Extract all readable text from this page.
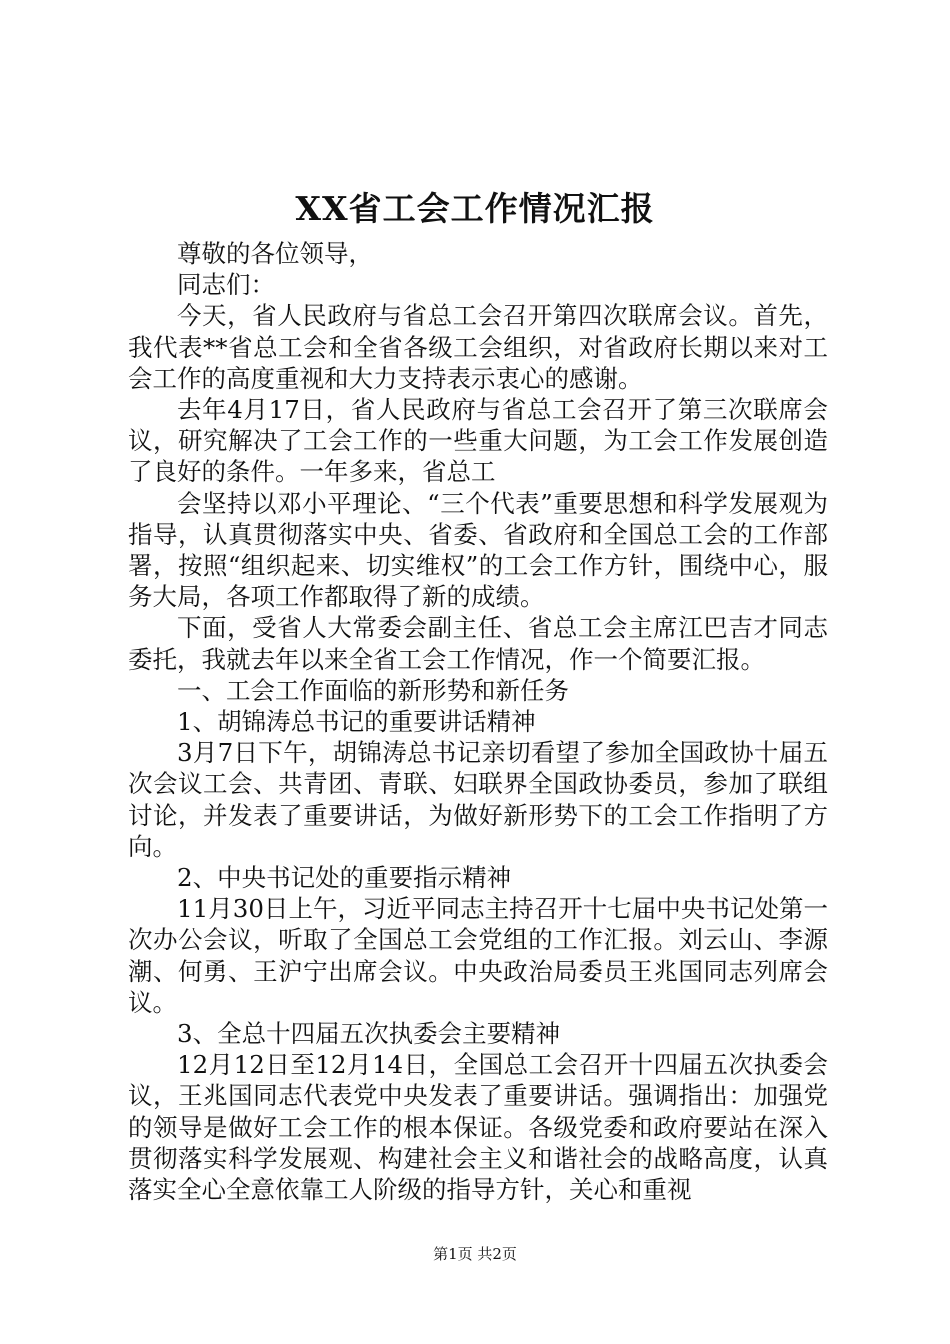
XX省工会工作情况汇报

尊敬的各位领导，

同志们：

今天，省人民政府与省总工会召开第四次联席会议。首先，我代表**省总工会和全省各级工会组织，对省政府长期以来对工会工作的高度重视和大力支持表示衷心的感谢。

去年4月17日，省人民政府与省总工会召开了第三次联席会议，研究解决了工会工作的一些重大问题，为工会工作发展创造了良好的条件。一年多来，省总工

会坚持以邓小平理论、“三个代表”重要思想和科学发展观为指导，认真贯彻落实中央、省委、省政府和全国总工会的工作部署，按照“组织起来、切实维权”的工会工作方针，围绕中心，服务大局，各项工作都取得了新的成绩。

下面，受省人大常委会副主任、省总工会主席江巴吉才同志委托，我就去年以来全省工会工作情况，作一个简要汇报。

一、工会工作面临的新形势和新任务

1、胡锦涛总书记的重要讲话精神

3月7日下午，胡锦涛总书记亲切看望了参加全国政协十届五次会议工会、共青团、青联、妇联界全国政协委员，参加了联组讨论，并发表了重要讲话，为做好新形势下的工会工作指明了方向。

2、中央书记处的重要指示精神

11月30日上午，习近平同志主持召开十七届中央书记处第一次办公会议，听取了全国总工会党组的工作汇报。刘云山、李源潮、何勇、王沪宁出席会议。中央政治局委员王兆国同志列席会议。

3、全总十四届五次执委会主要精神

12月12日至12月14日，全国总工会召开十四届五次执委会议，王兆国同志代表党中央发表了重要讲话。强调指出：加强党的领导是做好工会工作的根本保证。各级党委和政府要站在深入贯彻落实科学发展观、构建社会主义和谐社会的战略高度，认真落实全心全意依靠工人阶级的指导方针，关心和重视

第1页 共2页
